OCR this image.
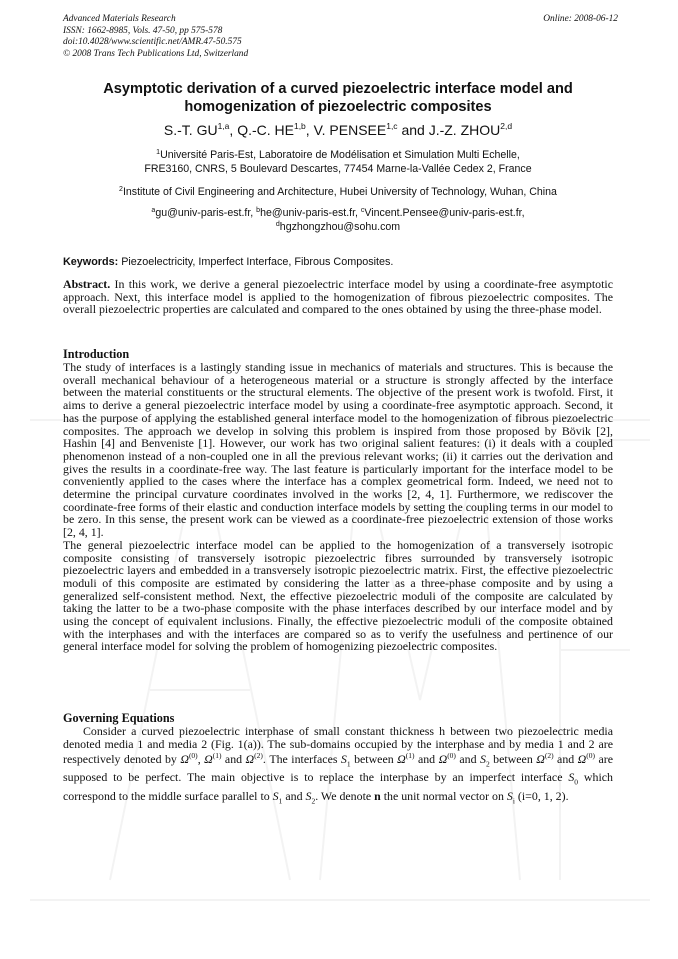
Advanced Materials Research
ISSN: 1662-8985, Vols. 47-50, pp 575-578
doi:10.4028/www.scientific.net/AMR.47-50.575
© 2008 Trans Tech Publications Ltd, Switzerland
Online: 2008-06-12
Asymptotic derivation of a curved piezoelectric interface model and
homogenization of piezoelectric composites
S.-T. GU$^{1,a}$, Q.-C. HE$^{1,b}$, V. PENSEE$^{1,c}$ and J.-Z. ZHOU$^{2,d}$
$^1$Université Paris-Est, Laboratoire de Modélisation et Simulation Multi Echelle,
FRE3160, CNRS, 5 Boulevard Descartes, 77454 Marne-la-Vallée Cedex 2, France
$^2$Institute of Civil Engineering and Architecture, Hubei University of Technology, Wuhan, China
$^a$gu@univ-paris-est.fr, $^b$he@univ-paris-est.fr, $^c$Vincent.Pensee@univ-paris-est.fr,
$^d$hgzhongzhou@sohu.com
Keywords: Piezoelectricity, Imperfect Interface, Fibrous Composites.

Abstract. In this work, we derive a general piezoelectric interface model by using a coordinate-free asymptotic approach. Next, this interface model is applied to the homogenization of fibrous piezoelectric composites. The overall piezoelectric properties are calculated and compared to the ones obtained by using the three-phase model.

Introduction

The study of interfaces is a lastingly standing issue in mechanics of materials and structures. This is because the overall mechanical behaviour of a heterogeneous material or a structure is strongly affected by the interface between the material constituents or the structural elements. The objective of the present work is twofold. First, it aims to derive a general piezoelectric interface model by using a coordinate-free asymptotic approach. Second, it has the purpose of applying the established general interface model to the homogenization of fibrous piezoelectric composites. The approach we develop in solving this problem is inspired from those proposed by Bövik [2], Hashin [4] and Benveniste [1]. However, our work has two original salient features: (i) it deals with a coupled phenomenon instead of a non-coupled one in all the previous relevant works; (ii) it carries out the derivation and gives the results in a coordinate-free way. The last feature is particularly important for the interface model to be conveniently applied to the cases where the interface has a complex geometrical form. Indeed, we need not to determine the principal curvature coordinates involved in the works [2, 4, 1]. Furthermore, we rediscover the coordinate-free forms of their elastic and conduction interface models by setting the coupling terms in our model to be zero. In this sense, the present work can be viewed as a coordinate-free piezoelectric extension of those works [2, 4, 1].

The general piezoelectric interface model can be applied to the homogenization of a transversely isotropic composite consisting of transversely isotropic piezoelectric fibres surrounded by transversely isotropic piezoelectric layers and embedded in a transversely isotropic piezoelectric matrix. First, the effective piezoelectric moduli of this composite are estimated by considering the latter as a three-phase composite and by using a generalized self-consistent method. Next, the effective piezoelectric moduli of the composite are calculated by taking the latter to be a two-phase composite with the phase interfaces described by our interface model and by using the concept of equivalent inclusions. Finally, the effective piezoelectric moduli of the composite obtained with the interphases and with the interfaces are compared so as to verify the usefulness and pertinence of our general interface model for solving the problem of homogenizing piezoelectric composites.

Governing Equations

Consider a curved piezoelectric interphase of small constant thickness h between two piezoelectric media denoted media 1 and media 2 (Fig. 1(a)). The sub-domains occupied by the interphase and by media 1 and 2 are respectively denoted by $\Omega^{(0)}$, $\Omega^{(1)}$ and $\Omega^{(2)}$. The interfaces $S_1$ between $\Omega^{(1)}$ and $\Omega^{(0)}$ and $S_2$ between $\Omega^{(2)}$ and $\Omega^{(0)}$ are supposed to be perfect. The main objective is to replace the interphase by an imperfect interface $S_0$ which correspond to the middle surface parallel to $S_1$ and $S_2$. We denote n the unit normal vector on $S_i$ (i=0, 1, 2).
